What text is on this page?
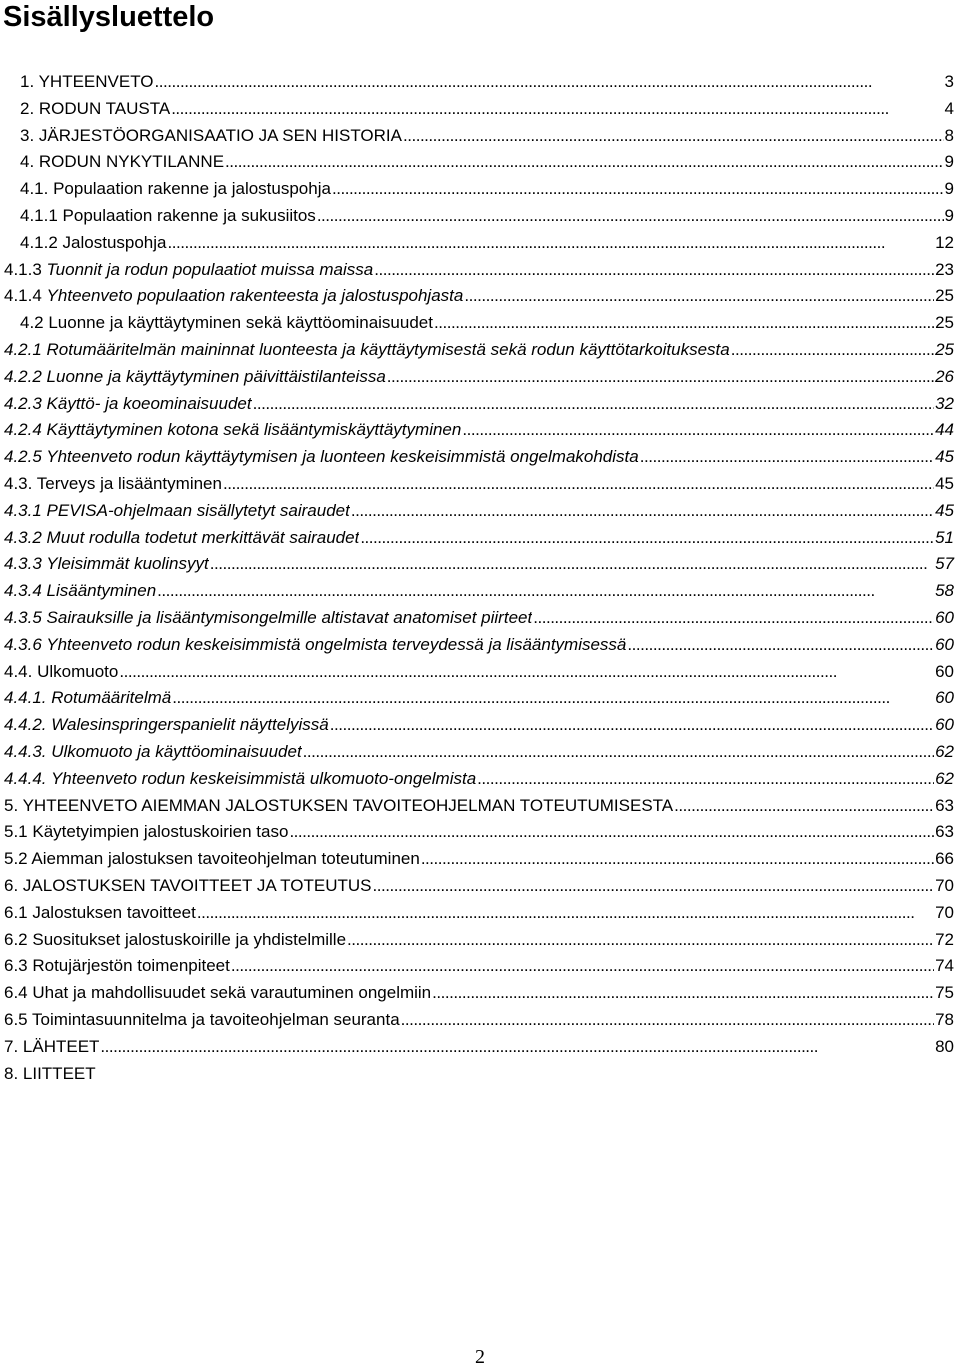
Sisällysluettelo
1. YHTEENVETO . . .	3
2. RODUN TAUSTA . . .	4
3. JÄRJESTÖORGANISAATIO JA SEN HISTORIA . . .	8
4. RODUN NYKYTILANNE . . .	9
4.1. Populaation rakenne ja jalostuspohja . . .	9
4.1.1 Populaation rakenne ja sukusiitos . . .	9
4.1.2 Jalostuspohja . . .	12
4.1.3 Tuonnit ja rodun populaatiot muissa maissa . . .	23
4.1.4 Yhteenveto populaation rakenteesta ja jalostuspohjasta . . .	25
4.2 Luonne ja käyttäytyminen sekä käyttöominaisuudet . . .	25
4.2.1 Rotumääritelmän maininnat luonteesta ja käyttäytymisestä sekä rodun käyttötarkoituksesta . . .	25
4.2.2 Luonne ja käyttäytyminen päivittäistilanteissa . . .	26
4.2.3 Käyttö- ja koeominaisuudet . . .	32
4.2.4 Käyttäytyminen kotona sekä lisääntymiskäyttäytyminen . . .	44
4.2.5 Yhteenveto rodun käyttäytymisen ja luonteen keskeisimmistä ongelmakohdista . . .	45
4.3. Terveys ja lisääntyminen . . .	45
4.3.1 PEVISA-ohjelmaan sisällytetyt sairaudet . . .	45
4.3.2 Muut rodulla todetut merkittävät sairaudet . . .	51
4.3.3 Yleisimmät kuolinsyyt . . .	57
4.3.4 Lisääntyminen . . .	58
4.3.5 Sairauksille ja lisääntymisongelmille altistavat anatomiset piirteet . . .	60
4.3.6 Yhteenveto rodun keskeisimmistä ongelmista terveydessä ja lisääntymisessä . . .	60
4.4. Ulkomuoto . . .	60
4.4.1. Rotumääritelmä . . .	60
4.4.2. Walesinspringerspanielit näyttelyissä . . .	60
4.4.3. Ulkomuoto ja käyttöominaisuudet . . .	62
4.4.4. Yhteenveto rodun keskeisimmistä ulkomuoto-ongelmista . . .	62
5. YHTEENVETO AIEMMAN JALOSTUKSEN TAVOITEOHJELMAN TOTEUTUMISESTA . . .	63
5.1 Käytetyimpien jalostuskoirien taso . . .	63
5.2 Aiemman jalostuksen tavoiteohjelman toteutuminen . . .	66
6. JALOSTUKSEN TAVOITTEET JA TOTEUTUS . . .	70
6.1 Jalostuksen tavoitteet . . .	70
6.2 Suositukset jalostuskoirille ja yhdistelmille . . .	72
6.3 Rotujärjestön toimenpiteet . . .	74
6.4 Uhat ja mahdollisuudet sekä varautuminen ongelmiin . . .	75
6.5 Toimintasuunnitelma ja tavoiteohjelman seuranta . . .	78
7. LÄHTEET . . .	80
8. LIITTEET
2
